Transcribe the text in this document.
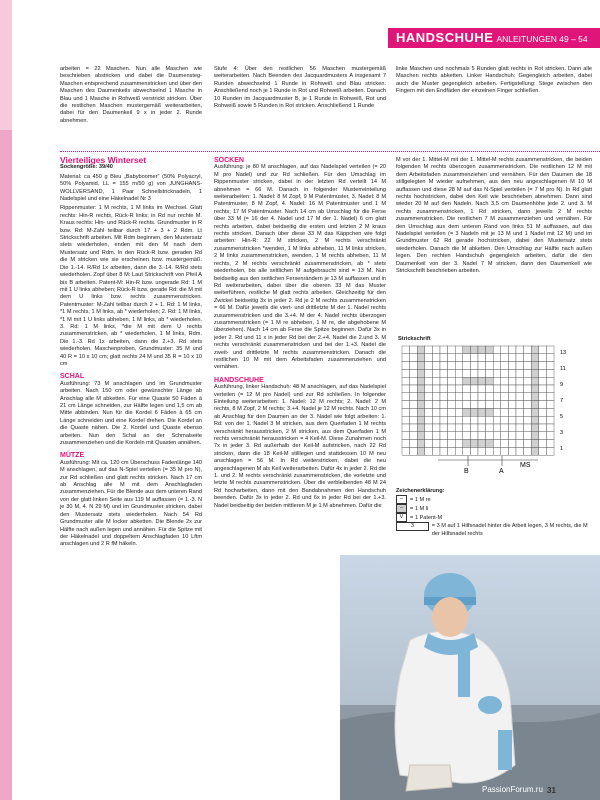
HANDSCHUHE ANLEITUNGEN 49 – 54

arbeiten = 22 Maschen. Nun alle Maschen wie beschrieben abstricken und dabei die Daumensteg-Maschen entsprechend zusammenstricken und über den Maschen des Daumenkeils abwechselnd 1 Masche in Blau und 1 Masche in Rohweiß verstrickt stricken. Über die restlichen Maschen mustergemäß weiterarbeiten, dabei für den Daumenkeil 9 x in jeder 2. Runde abnehmen.

Stufe 4: Über den restlichen 56 Maschen mustergemäß weiterarbeiten. Nach Beenden des Jacquardmusters A insgesamt 7 Runden abwechselnd 1 Runde in Rohweiß und Blau stricken. Anschließend noch je 1 Runde in Rot und Rohweiß arbeiten. Danach 10 Runden im Jacquardmuster B, je 1 Runde in Rohweiß, Rot und Rohweiß sowie 5 Runden in Rot stricken. Anschließend 1 Runde

linke Maschen und nochmals 5 Runden glatt rechts in Rot stricken. Dann alle Maschen rechts abketten. Linker Handschuh: Gegengleich arbeiten, dabei auch die Muster gegengleich arbeiten. Fertigstellung: Stege zwischen den Fingern mit den Endfäden der einzelnen Finger schließen.

Vierteiliges Winterset

Sockengröße: 39/40

Material: ca 450 g Bleu „Babyboomer" (50% Polyacryl, 50% Polyamid, LL = 155 m/50 g) von JUNGHANS-WOLLVERSAND, 1 Paar Schnellstricknadeln, 1 Nadelspiel und eine Häkelnadel Nr 3

Rippenmuster: 1 M rechts, 1 M links im Wechsel. Glatt rechts: Hin-R rechts, Rück-R links; in Rd nur rechte M. Kraus rechts: Hin- und Rück-R rechts. Grundmuster in R bzw. Rd: M-Zahl teilbar durch 17 + 3 + 2 Rdm. Lt Strickschrift arbeiten. Mit Rdm beginnen, den Mustersatz stets wiederholen, enden mit den M nach dem Mustersatz und Rdm. In den Rück-R bzw. geraden Rd die M stricken wie sie erscheinen bzw. mustergemäß. Die 1.-14. R/Rd 1x arbeiten, dann die 3.-14. R/Rd stets wiederholen. Zopf über 8 M: Laut Strickschrift von Pfeil A bis B arbeiten. Patent-M: Hin-R bzw. ungerade Rd: 1 M mit 1 U links abheben; Rück-R bzw. gerade Rd: die M mit dem U links bzw. rechts zusammenstricken. Patentmuster: M-Zahl teilbar durch 2 + 1. Rd: 1 M links, *1 M rechts, 1 M links, ab * wiederholen; 2. Rd: 1 M links, *1 M mit 1 U links abheben, 1 M links, ab * wiederholen. 3. Rd: 1 M links, *die M mit dem U rechts zusammenstricken, ab * wiederholen, 1 M links, Rdm. Die 1.-3. Rd 1x arbeiten, dann die 2.+3. Rd stets wiederholen. Maschenproben, Grundmuster: 35 M und 40 R = 10 x 10 cm; glatt rechts 24 M und 35 R = 10 x 10 cm

SCHAL

Ausführung: 73 M anschlagen und im Grundmuster arbeiten. Nach 150 cm oder gewünschter Länge ab Anschlag alle M abketten. Für eine Quaste 50 Fäden à 21 cm Länge schneiden, zur Hälfte legen und 1,5 cm ab Mitte abbinden. Nun für die Kordel 6 Fäden à 65 cm Länge schneiden und eine Kordel drehen. Die Kordel an die Quaste nähen. Die 2. Kordel und Quaste ebenso arbeiten. Nun den Schal an der Schmalseite zusammenziehen und die Kordeln mit Quasten annähen.

MÜTZE

Ausführung: Mit ca. 120 cm Überschuss Fadenlänge 140 M anschlagen, auf das N-Spiel verteilen (= 35 M pro N), zur Rd schließen und glatt rechts stricken. Nach 17 cm ab Anschlag alle M mit dem Anschlagfaden zusammenziehen. Für die Blende aus dem unteren Rand von der glatt linken Seite aus 119 M auffassen (= 1.-3. N je 30 M, 4. N 29 M) und im Grundmuster stricken, dabei den Mustersatz stets wiederholen. Nach 54 Rd Grundmuster alle M locker abketten. Die Blende 2x zur Hälfte nach außen legen und annähen. Für die Spitze mit der Häkelnadel und doppeltem Anschlagfaden 10 Lftm anschlagen und 2 R fM häkeln.

SOCKEN

Ausführung: je 80 M anschlagen, auf das Nadelspiel verteilen (= 20 M pro Nadel) und zur Rd schließen. Für den Umschlag im Rippenmuster stricken, dabei in der letzten Rd verteilt 14 M abnehmen = 66 M. Danach in folgender Musterreinteilung weiterarbeiten: 1. Nadel: 8 M Zopf, 9 M Patentmuster, 3. Nadel: 8 M Patentmuster, 8 M Zopf, 4. Nadel: 16 M Patentmuster und 1 M rechts; 17 M Patentmuster. Nach 14 cm ab Umschlag für die Ferse über 33 M (= 16 der 4. Nadel und 17 M der 1. Nadel) 6 cm glatt rechts arbeiten, dabei beidseitig die ersten und letzten 2 M kraus rechts stricken. Danach über diese 33 M das Käppchen wie folgt arbeiten: Hin-R: 22 M stricken, 2 M rechts verschränkt zusammenstricken *wenden, 1 M links abheben, 11 M links stricken, 2 M links zusammenstricken, wenden, 1 M rechts abheben, 11 M rechts, 2 M rechts verschränkt zusammenstricken, ab * stets wiederholen, bis alle seitlichen M aufgebraucht sind = 13 M. Nun beidseitig aus den seitlichen Fersenrändern je 13 M auffassen und in Rd weiterarbeiten, dabei über die oberen 33 M das Muster weiterführen, restliche M glatt rechts arbeiten. Gleichzeitig für den Zwickel beidseitig 3x in jeder 2. Rd je 2 M rechts zusammenstricken = 66 M. Dafür jeweils die viert- und drittletzte M der 1. Nadel rechts zusammenstricken und die 3.+4. M der 4. Nadel rechts überzogen zusammenstricken (= 1 M re abheben, 1 M re, die abgehobene M überziehen). Nach 14 cm ab Ferse die Spitze beginnen. Dafür 3x in jeder 2. Rd und 11 x in jeder Rd bei der 2.+4. Nadel die 2.und 3. M rechts verschränkt zusammenstricken und bei der 1.+3. Nadel die zweit- und drittletzte M rechts zusammenstricken. Danach die restlichen 10 M mit dem Arbeitsfaden zusammenziehen und vernähen.

HANDSCHUHE

Ausführung, linker Handschuh: 48 M anschlagen, auf das Nadelspiel verteilen (= 12 M pro Nadel) und zur Rd schließen. In folgender Einteilung weiterarbeiten: 1. Nadel: 12 M rechts; 2. Nadel: 2 M rechts, 8 M Zopf, 2 M rechts; 3.+4. Nadel je 12 M rechts. Nach 10 cm ab Anschlag für den Daumen an der 3. Nadel wie folgt arbeiten: 1. Rd: von der 1. Nadel 3 M stricken, aus dem Querfaden 1 M rechts verschränkt herausstricken, 2 M stricken, aus dem Querfaden 1 M rechts verschränkt herausstricken = 4 Keil-M. Diese Zunahmen noch 7x in jeder 3. Rd außerhalb der Keil-M aufstricken, nach 22 Rd stricken, dann die 18 Keil-M stilllegen und stattdessen 10 M neu anschlagen = 56 M. In Rd weiterstricken, dabei die neu angeschlagenen M als Keil weiterarbeiten. Dafür 4x in jeder 2. Rd die 1. und 2. M rechts verschränkt zusammenstricken, die vorletzte und letzte M rechts zusammenstricken. Über die verbleibenden 48 M 24 Rd hocharbeiten, dann mit den Bandabnahmen den Handschuh beenden. Dafür 3x in jeder 2. Rd und 6x in jeder Rd bei der 1.+3. Nadel beidseitig der beiden mittleren M je 1 M abnehmen. Dafür die

M vor der 1. Mittel-M mit der 1. Mittel-M rechts zusammenstricken, die beiden folgenden M rechts überzogen zusammenstricken. Die restlichen 12 M mit dem Arbeitsfaden zusammenziehen und vernähen. Für den Daumen die 18 stillgelegten M wieder aufnehmen, aus den neu angeschlagenen M 10 M auffassen und diese 28 M auf das N-Spiel verteilen (= 7 M pro N). In Rd glatt rechts hochstricken, dabei den Keil wie beschrieben abnehmen. Dann sind wieder 20 M auf den Nadeln. Nach 3,5 cm Daumenhöhe jede 2. und 3. M rechts zusammenstricken, 1 Rd stricken, dann jeweils 2 M rechts zusammenstricken. Die restlichen 7 M zusammenziehen und vernähen. Für den Umschlag aus dem unteren Rand von links 51 M auffassen, auf das Nadelspiel verteilen (= 3 Nadeln mit je 13 M und 1 Nadel mit 12 M) und im Grundmuster 62 Rd gerade hochstricken, dabei den Mustersatz stets wiederholen. Danach die M abketten. Den Umschlag zur Hälfte nach außen legen. Den rechten Handschuh gegengleich arbeiten, dafür die den Daumenkeil von der 3. Nadel 7 M stricken, dann den Daumenkeil wie Strickschrift beschrieben arbeiten.

Strickschrift
13
11
9
7
5
3
1
B	A
MS
Zeichenerklärung:
–	= 1 M re
–	= 1 M li
V	= 1 Patent-M
3	= 3 M auf 1 Hilfsnadel hinter die Arbeit legen, 3 M rechts, die M der Hilfsnadel rechts
31
PassionForum.ru
